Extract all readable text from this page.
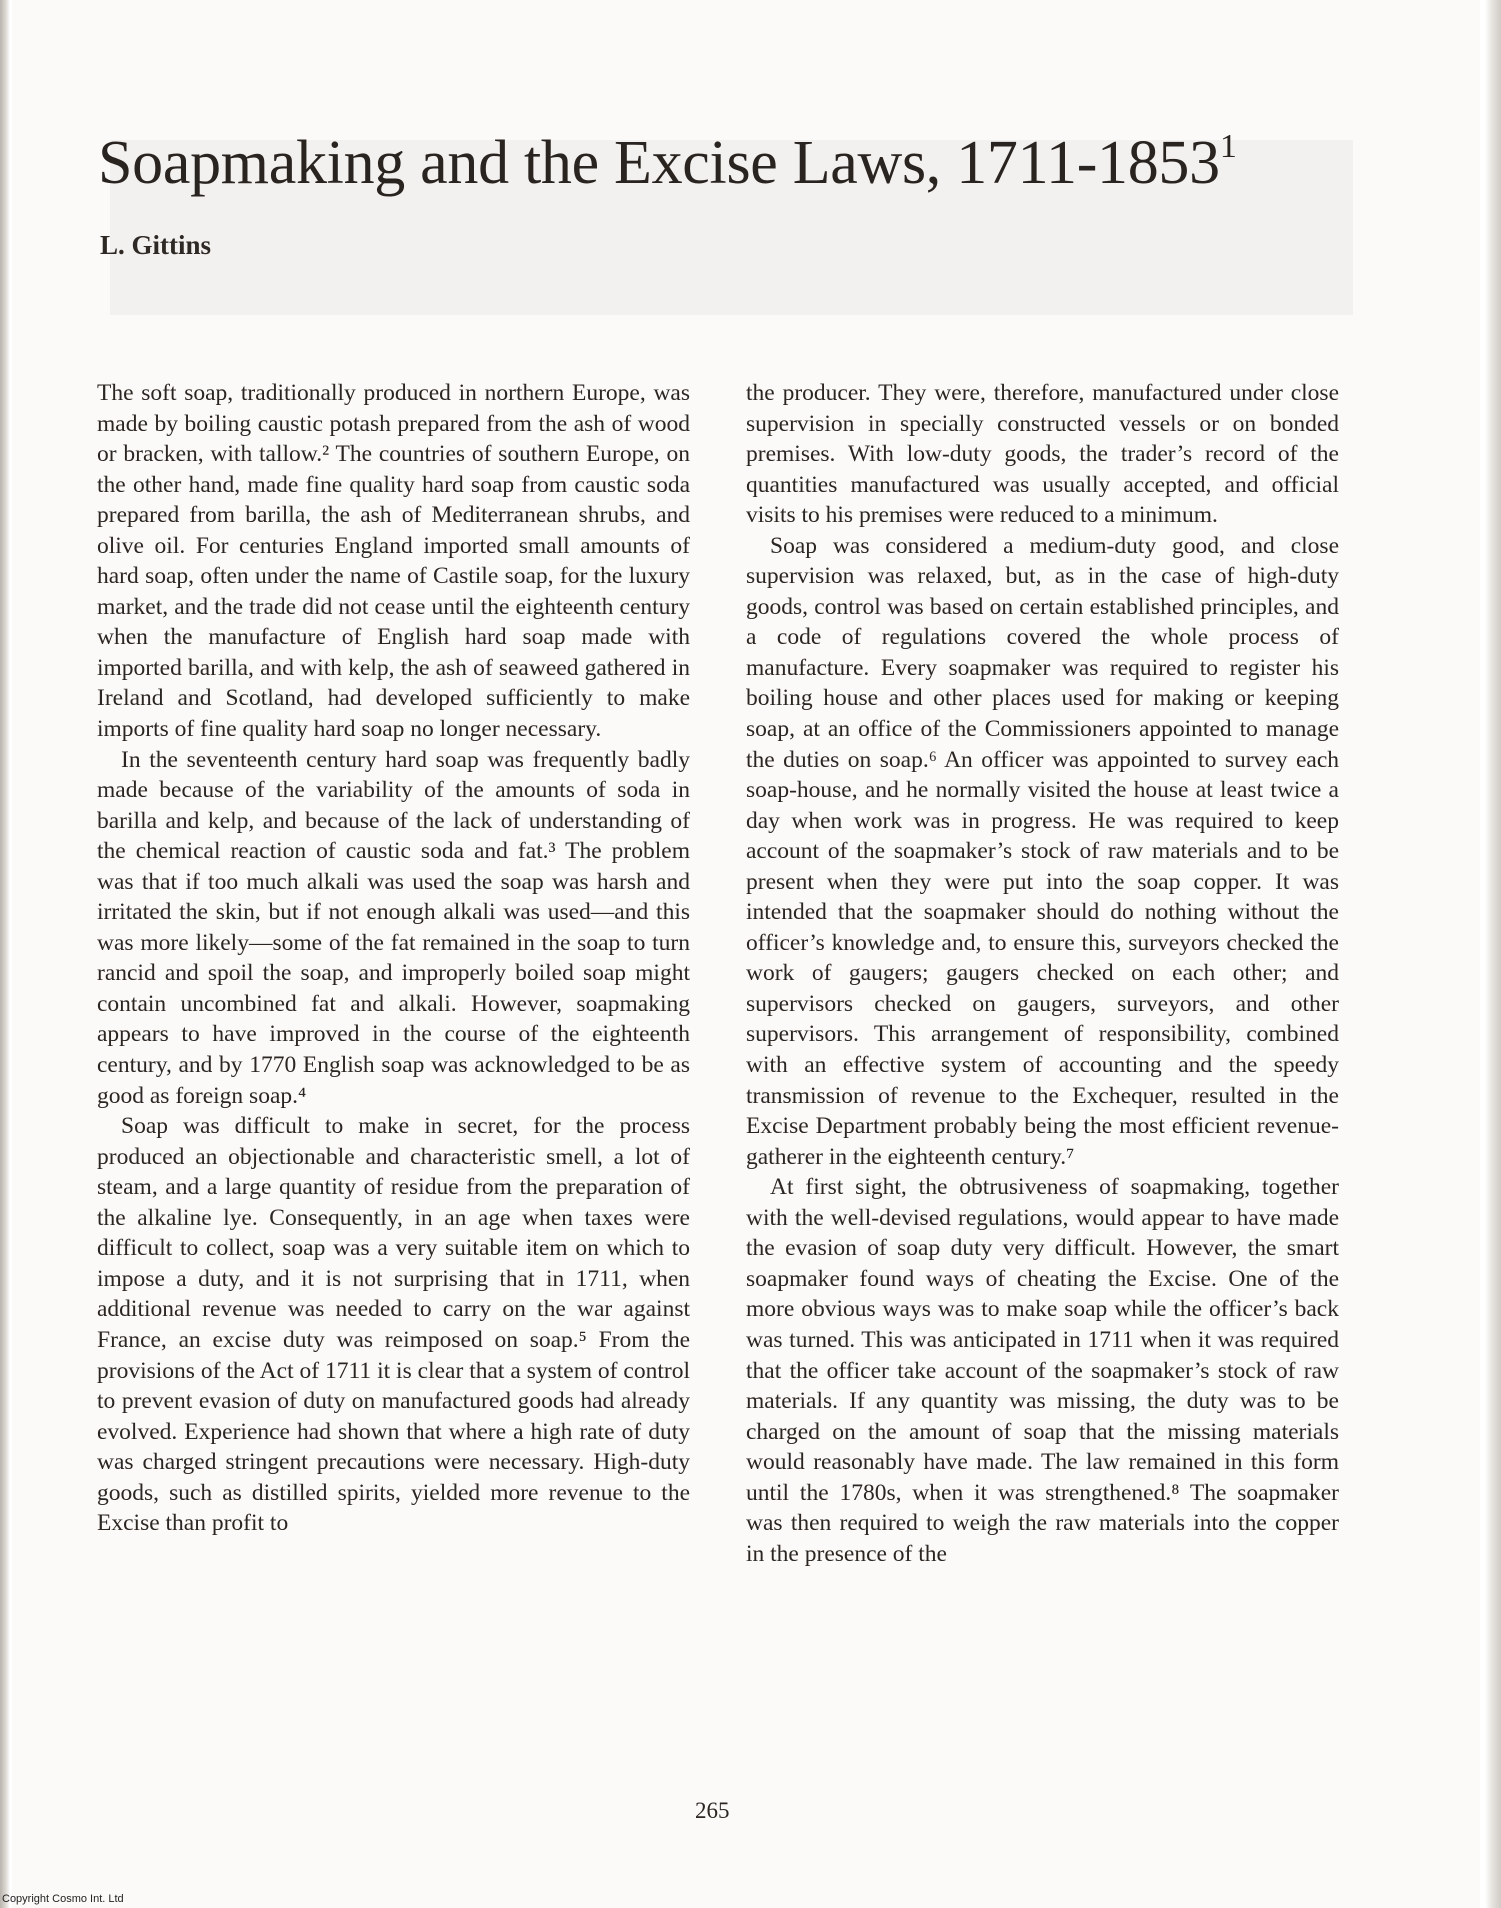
Soapmaking and the Excise Laws, 1711-1853$^1$
L. Gittins

The soft soap, traditionally produced in northern Europe, was made by boiling caustic potash prepared from the ash of wood or bracken, with tallow.² The countries of southern Europe, on the other hand, made fine quality hard soap from caustic soda prepared from barilla, the ash of Mediterranean shrubs, and olive oil. For centuries England imported small amounts of hard soap, often under the name of Castile soap, for the luxury market, and the trade did not cease until the eighteenth century when the manufacture of English hard soap made with imported barilla, and with kelp, the ash of seaweed gathered in Ireland and Scotland, had developed sufficiently to make imports of fine quality hard soap no longer necessary.

In the seventeenth century hard soap was frequently badly made because of the variability of the amounts of soda in barilla and kelp, and because of the lack of understanding of the chemical reaction of caustic soda and fat.³ The problem was that if too much alkali was used the soap was harsh and irritated the skin, but if not enough alkali was used—and this was more likely—some of the fat remained in the soap to turn rancid and spoil the soap, and improperly boiled soap might contain uncombined fat and alkali. However, soapmaking appears to have improved in the course of the eighteenth century, and by 1770 English soap was acknowledged to be as good as foreign soap.⁴

Soap was difficult to make in secret, for the process produced an objectionable and characteristic smell, a lot of steam, and a large quantity of residue from the preparation of the alkaline lye. Consequently, in an age when taxes were difficult to collect, soap was a very suitable item on which to impose a duty, and it is not surprising that in 1711, when additional revenue was needed to carry on the war against France, an excise duty was reimposed on soap.⁵ From the provisions of the Act of 1711 it is clear that a system of control to prevent evasion of duty on manufactured goods had already evolved. Experience had shown that where a high rate of duty was charged stringent precautions were necessary. High-duty goods, such as distilled spirits, yielded more revenue to the Excise than profit to

the producer. They were, therefore, manufactured under close supervision in specially constructed vessels or on bonded premises. With low-duty goods, the trader’s record of the quantities manufactured was usually accepted, and official visits to his premises were reduced to a minimum.

Soap was considered a medium-duty good, and close supervision was relaxed, but, as in the case of high-duty goods, control was based on certain established principles, and a code of regulations covered the whole process of manufacture. Every soapmaker was required to register his boiling house and other places used for making or keeping soap, at an office of the Commissioners appointed to manage the duties on soap.⁶ An officer was appointed to survey each soap-house, and he normally visited the house at least twice a day when work was in progress. He was required to keep account of the soapmaker’s stock of raw materials and to be present when they were put into the soap copper. It was intended that the soapmaker should do nothing without the officer’s knowledge and, to ensure this, surveyors checked the work of gaugers; gaugers checked on each other; and supervisors checked on gaugers, surveyors, and other supervisors. This arrangement of responsibility, combined with an effective system of accounting and the speedy transmission of revenue to the Exchequer, resulted in the Excise Department probably being the most efficient revenue-gatherer in the eighteenth century.⁷

At first sight, the obtrusiveness of soapmaking, together with the well-devised regulations, would appear to have made the evasion of soap duty very difficult. However, the smart soapmaker found ways of cheating the Excise. One of the more obvious ways was to make soap while the officer’s back was turned. This was anticipated in 1711 when it was required that the officer take account of the soapmaker’s stock of raw materials. If any quantity was missing, the duty was to be charged on the amount of soap that the missing materials would reasonably have made. The law remained in this form until the 1780s, when it was strengthened.⁸ The soapmaker was then required to weigh the raw materials into the copper in the presence of the

265

Copyright Cosmo Int. Ltd
